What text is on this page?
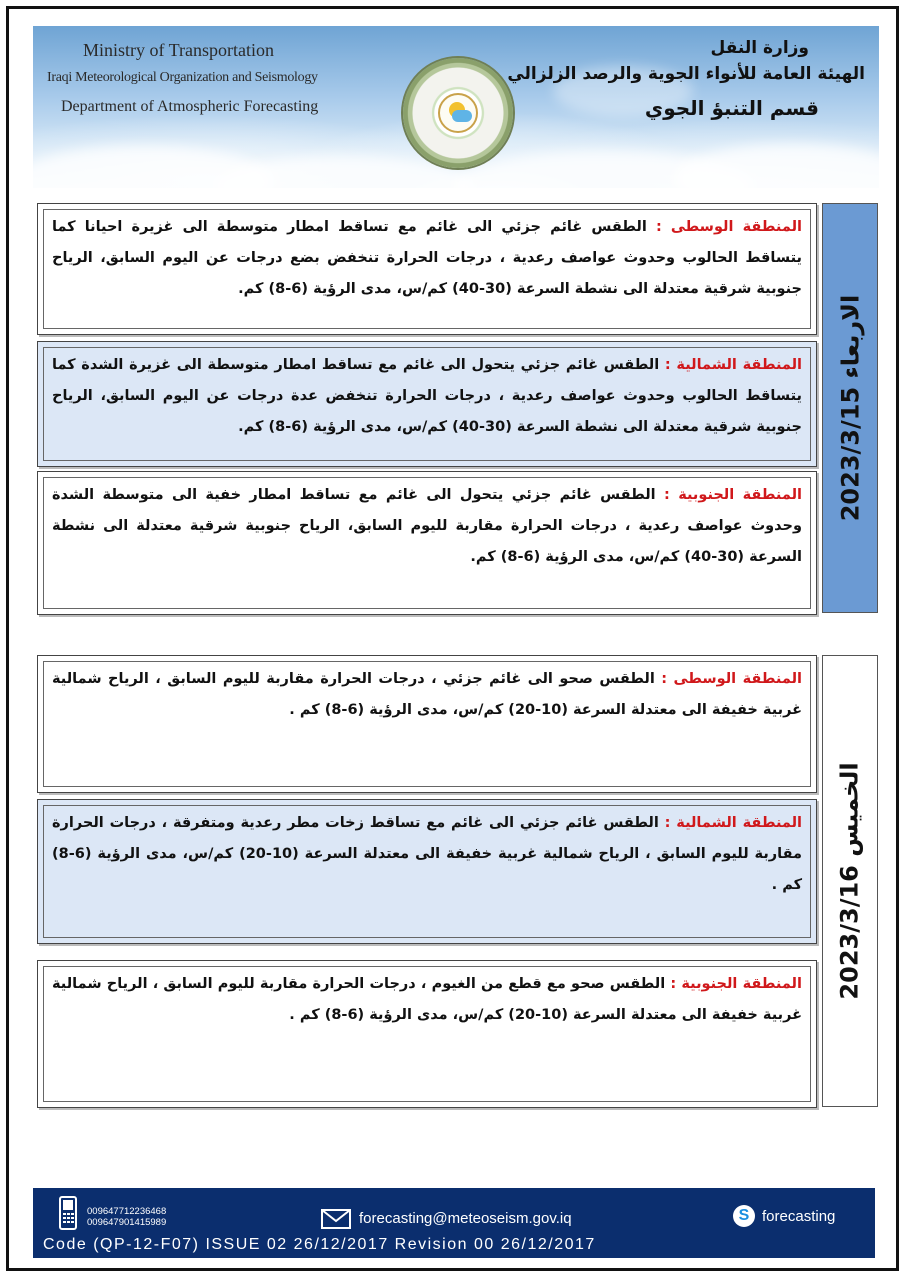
Ministry of Transportation
Iraqi Meteorological Organization and Seismology
Department of Atmospheric Forecasting
وزارة النقل
الهيئة العامة للأنواء الجوية والرصد الزلزالي
قسم التنبؤ الجوي
المنطقة الوسطى : الطقس غائم جزئي الى غائم مع تساقط امطار متوسطة الى غزيرة احيانا كما يتساقط الحالوب وحدوث عواصف رعدية ، درجات الحرارة تنخفض بضع درجات عن اليوم السابق، الرياح جنوبية شرقية معتدلة الى نشطة السرعة (30-40) كم/س، مدى الرؤية (6-8) كم.
المنطقة الشمالية : الطقس غائم جزئي يتحول الى غائم مع تساقط امطار متوسطة الى غزيرة الشدة كما يتساقط الحالوب وحدوث عواصف رعدية ، درجات الحرارة تنخفض عدة درجات عن اليوم السابق، الرياح جنوبية شرقية معتدلة الى نشطة السرعة (30-40) كم/س، مدى الرؤية (6-8) كم.
المنطقة الجنوبية : الطقس غائم جزئي يتحول الى غائم مع تساقط امطار خفية الى متوسطة الشدة وحدوث عواصف رعدية ، درجات الحرارة مقاربة لليوم السابق، الرياح جنوبية شرقية معتدلة الى نشطة السرعة (30-40) كم/س، مدى الرؤية (6-8) كم.
الاربعاء 2023/3/15
المنطقة الوسطى : الطقس صحو الى غائم جزئي ، درجات الحرارة مقاربة لليوم السابق ، الرياح شمالية غربية خفيفة الى معتدلة السرعة (10-20) كم/س، مدى الرؤية (6-8) كم .
المنطقة الشمالية : الطقس غائم جزئي الى غائم مع تساقط زخات مطر رعدية ومتفرقة ، درجات الحرارة مقاربة لليوم السابق ، الرياح شمالية غربية خفيفة الى معتدلة السرعة (10-20) كم/س، مدى الرؤية (6-8) كم .
المنطقة الجنوبية : الطقس صحو مع قطع من الغيوم ، درجات الحرارة مقاربة لليوم السابق ، الرياح شمالية غربية خفيفة الى معتدلة السرعة (10-20) كم/س، مدى الرؤية (6-8) كم .
الخميس 2023/3/16
009647712236468
009647901415989	forecasting@meteoseism.gov.iq	S forecasting
Code (QP-12-F07) ISSUE 02 26/12/2017 Revision 00 26/12/2017
